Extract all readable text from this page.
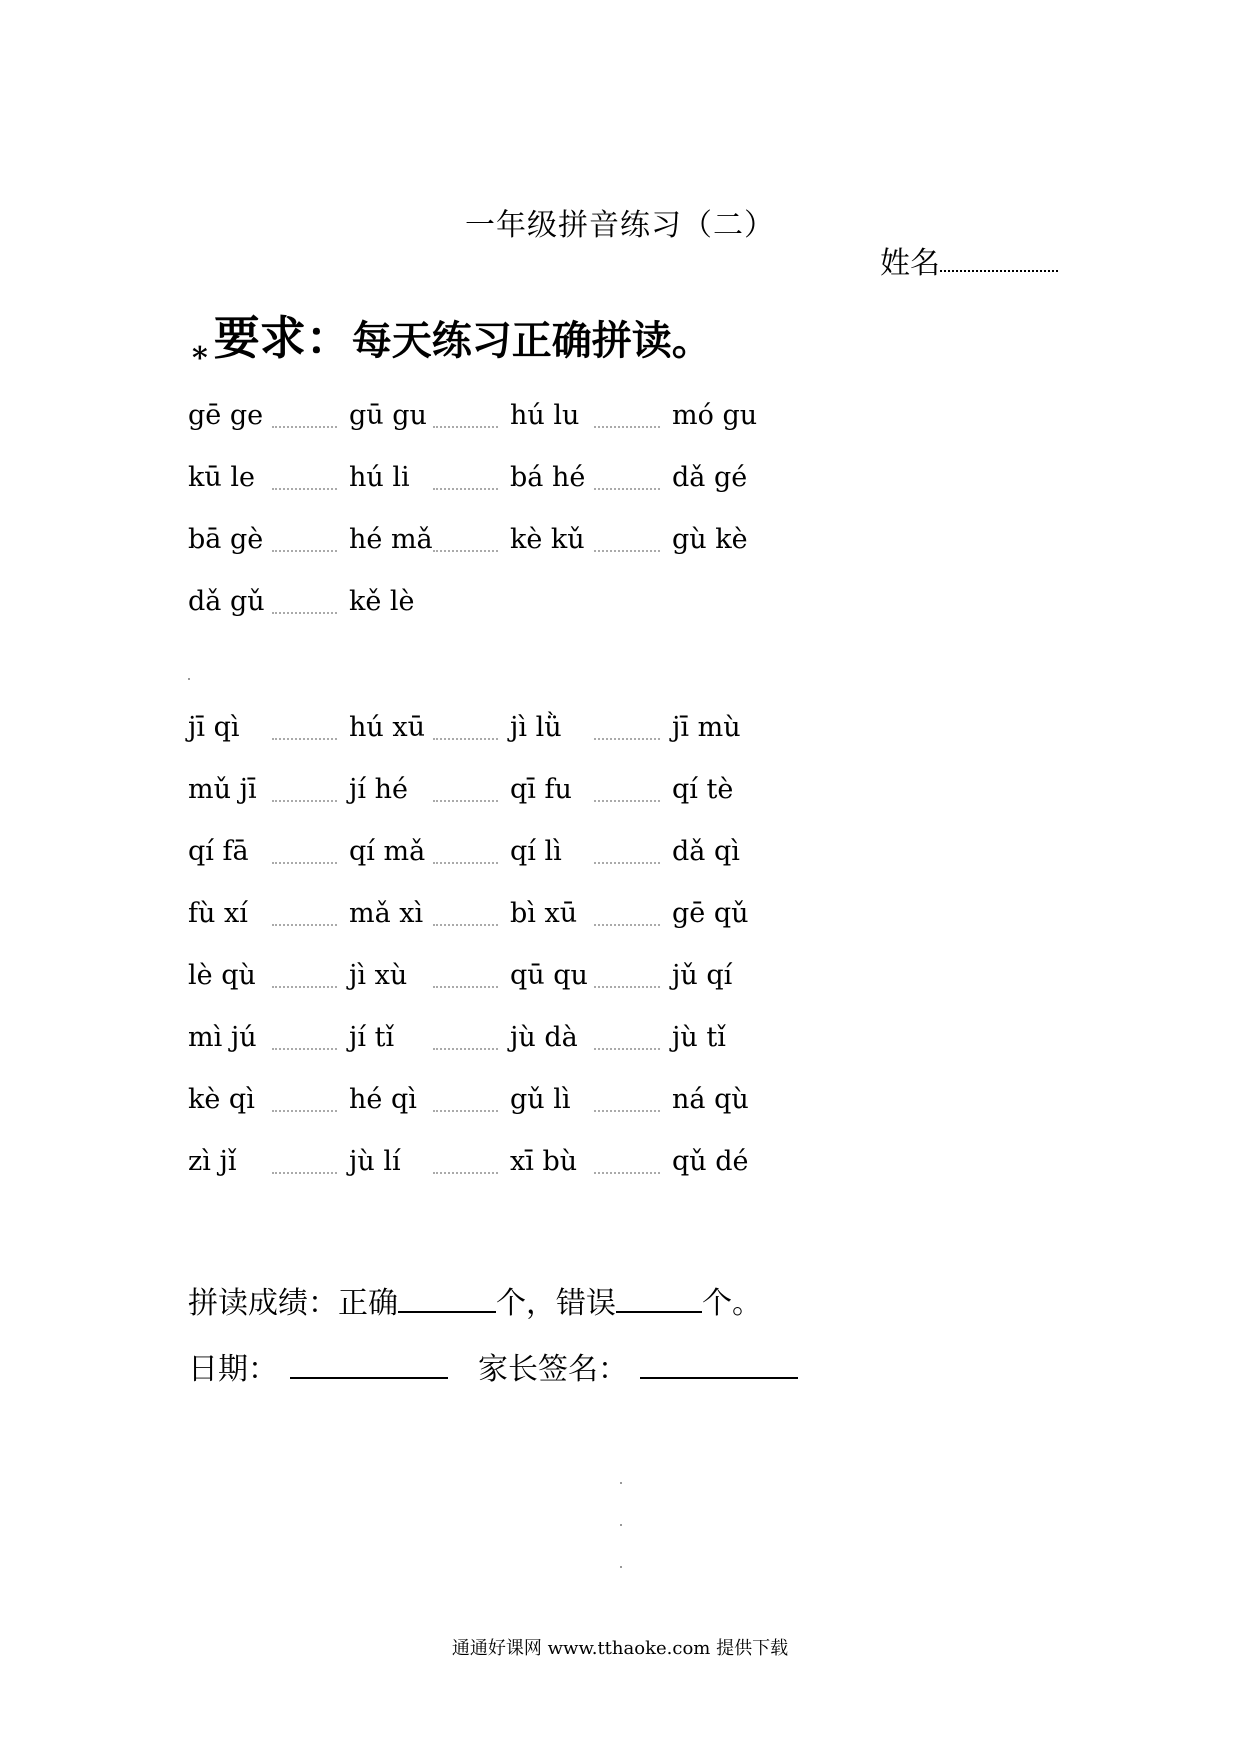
一年级拼音练习（二）
姓名
$_*$ 要求：每天练习正确拼读。
gē ge	gū gu	hú lu	mó gu
kū le	hú li	bá hé	dǎ gé
bā gè	hé mǎ	kè kǔ	gù kè
dǎ gǔ	kě lè
jī qì	hú xū	jì lǜ	jī mù
mǔ jī	jí hé	qī fu	qí tè
qí fā	qí mǎ	qí lì	dǎ qì
fù xí	mǎ xì	bì xū	gē qǔ
lè qù	jì xù	qū qu	jǔ qí
mì jú	jí tǐ	jù dà	jù tǐ
kè qì	hé qì	gǔ lì	ná qù
zì jǐ	jù lí	xī bù	qǔ dé
拼读成绩：正确	个，错误	个。
日期：	家长签名：
通通好课网 www.tthaoke.com 提供下载
